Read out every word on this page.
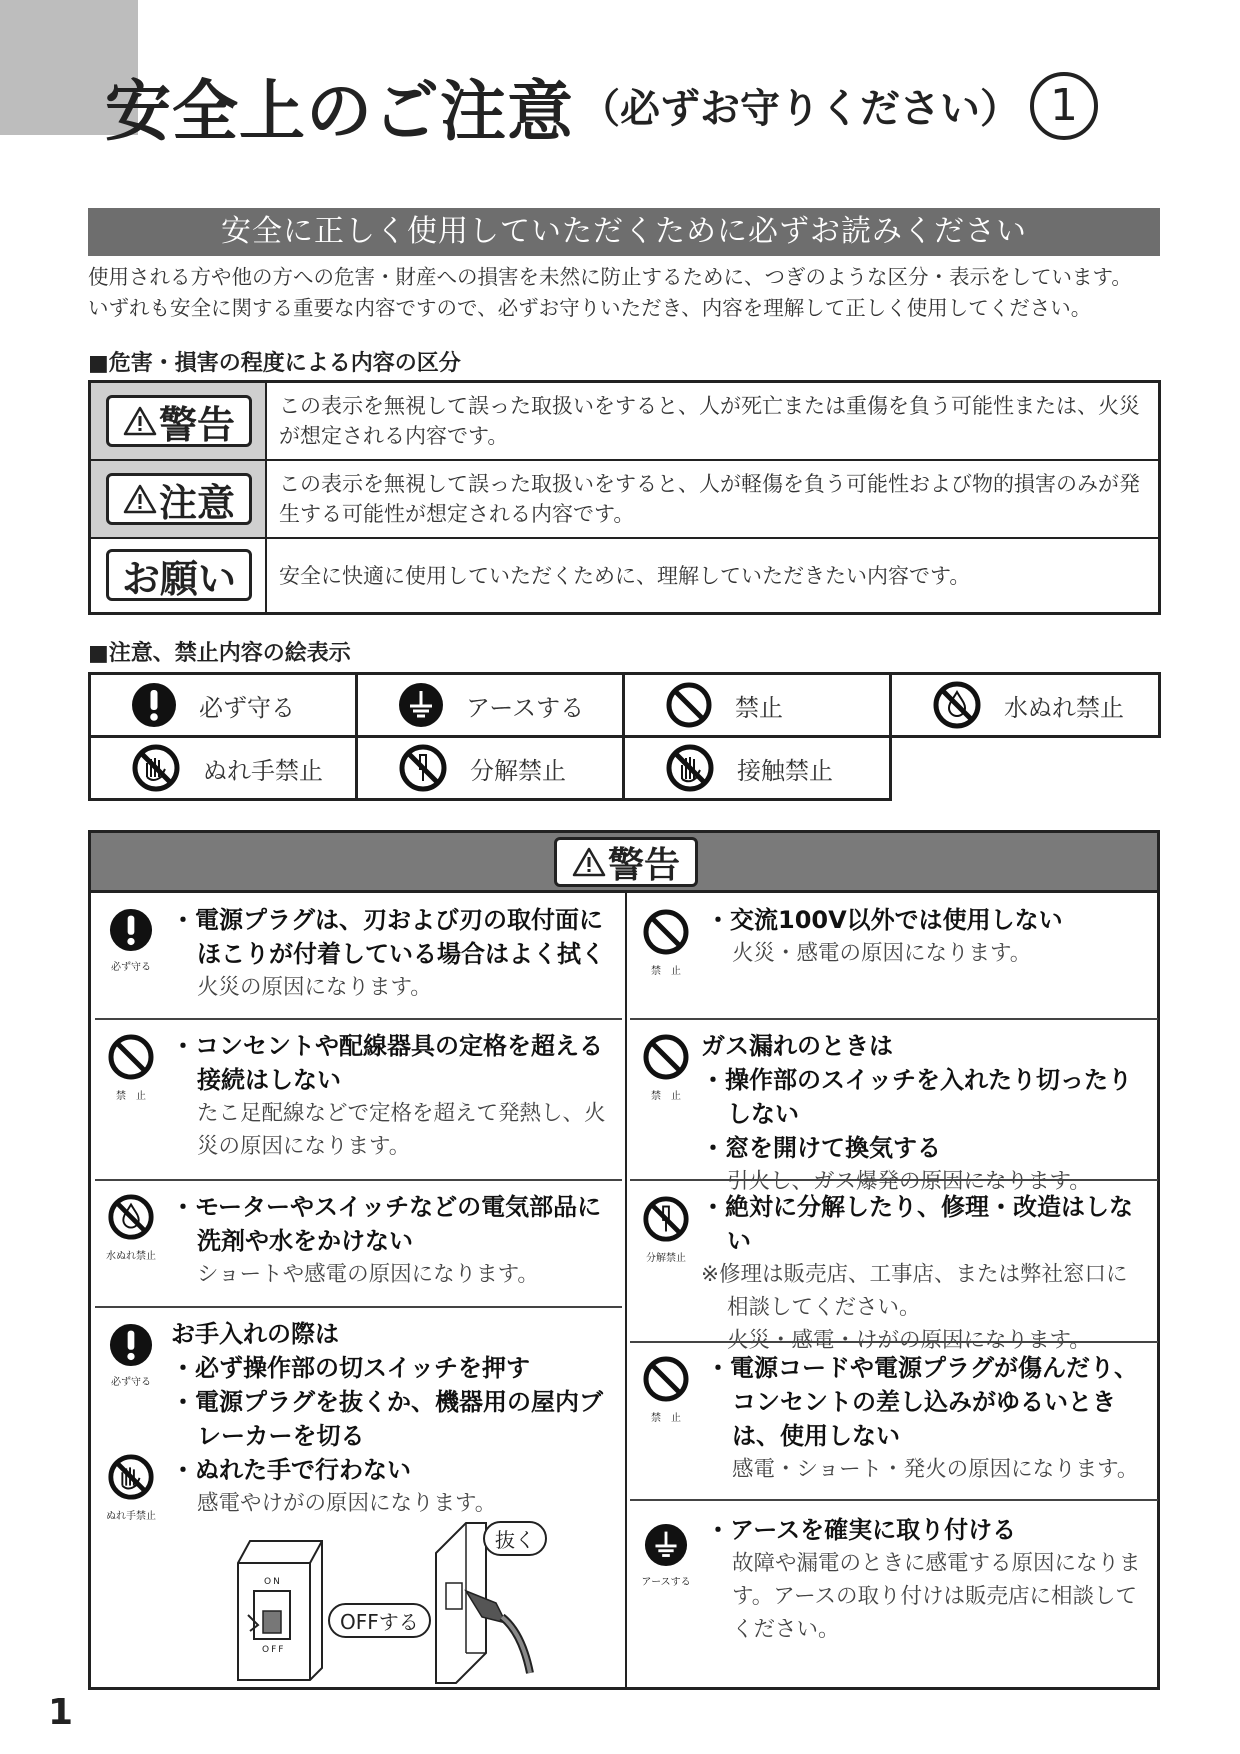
安全上のご注意 （必ずお守りください） 1
安全に正しく使用していただくために必ずお読みください
使用される方や他の方への危害・財産への損害を未然に防止するために、つぎのような区分・表示をしています。
いずれも安全に関する重要な内容ですので、必ずお守りいただき、内容を理解して正しく使用してください。
■危害・損害の程度による内容の区分
警告 この表示を無視して誤った取扱いをすると、人が死亡または重傷を負う可能性または、火災が想定される内容です。
注意 この表示を無視して誤った取扱いをすると、人が軽傷を負う可能性および物的損害のみが発生する可能性が想定される内容です。
お願い	安全に快適に使用していただくために、理解していただきたい内容です。
■注意、禁止内容の絵表示
必ず守る	アースする	禁止	水ぬれ禁止
ぬれ手禁止	分解禁止	接触禁止
警告
必ず守る
・電源プラグは、刃および刃の取付面にほこりが付着している場合はよく拭く
火災の原因になります。
禁　止
・コンセントや配線器具の定格を超える接続はしない
たこ足配線などで定格を超えて発熱し、火災の原因になります。
水ぬれ禁止
・モーターやスイッチなどの電気部品に洗剤や水をかけない
ショートや感電の原因になります。
必ず守る
ぬれ手禁止
お手入れの際は
・必ず操作部の切スイッチを押す
・電源プラグを抜くか、機器用の屋内ブレーカーを切る
・ぬれた手で行わない
感電やけがの原因になります。
ON
OFF
OFFする
抜く
禁　止
・交流100V以外では使用しない
火災・感電の原因になります。
禁　止
ガス漏れのときは
・操作部のスイッチを入れたり切ったりしない
・窓を開けて換気する
引火し、ガス爆発の原因になります。
分解禁止
・絶対に分解したり、修理・改造はしない
※修理は販売店、工事店、または弊社窓口に
相談してください。
火災・感電・けがの原因になります。
禁　止
・電源コードや電源プラグが傷んだり、コンセントの差し込みがゆるいときは、使用しない
感電・ショート・発火の原因になります。
アースする
・アースを確実に取り付ける
故障や漏電のときに感電する原因になります。アースの取り付けは販売店に相談してください。
1
